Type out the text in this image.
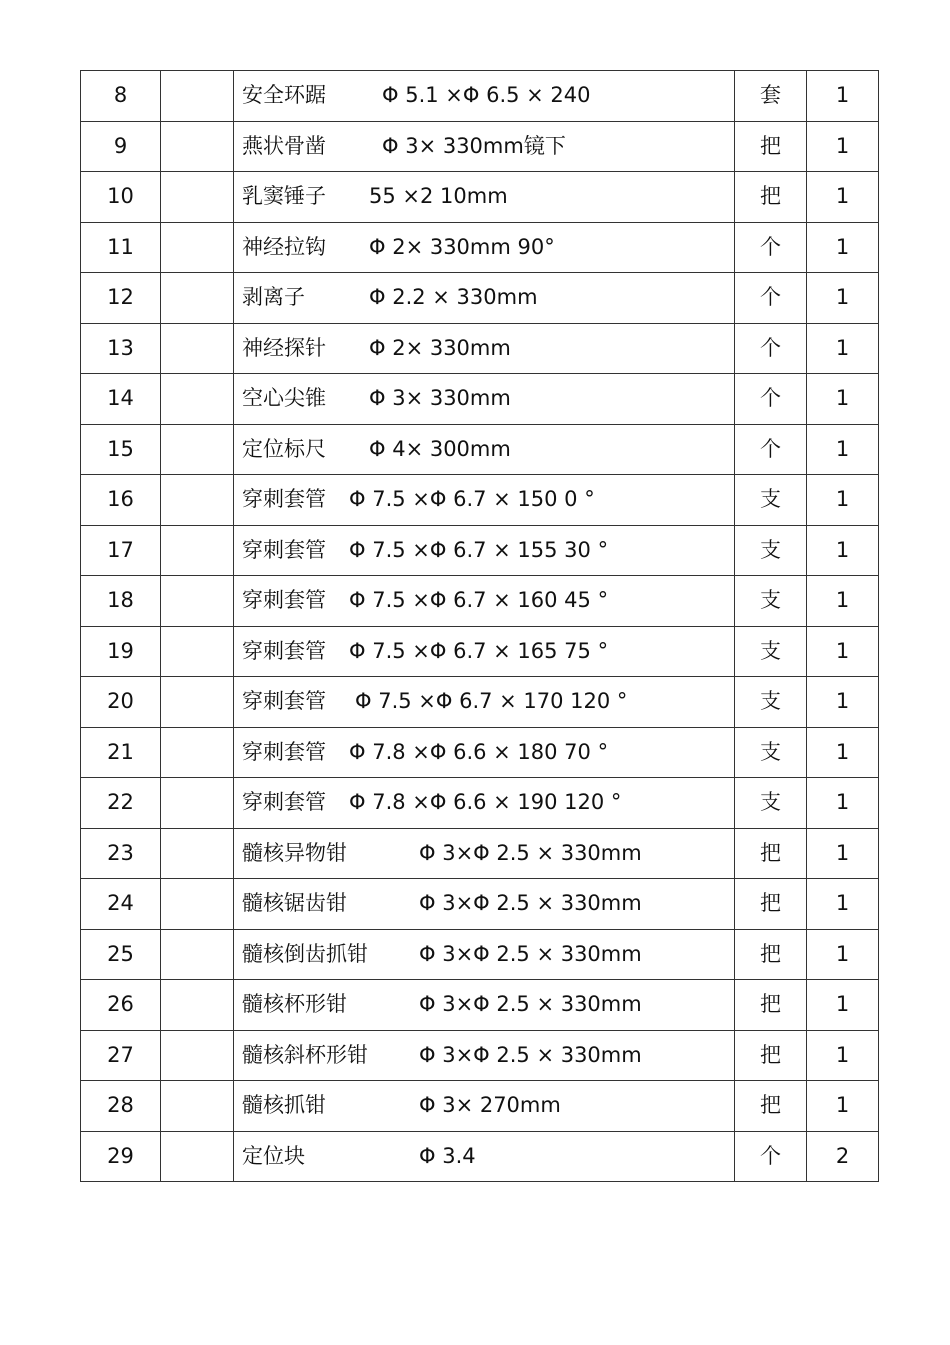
8		安全环踞 Φ 5.1 ×Φ 6.5 × 240	套	1
9		燕状骨凿 Φ 3× 330mm镜下	把	1
10		乳窦锤子 55 ×2 10mm	把	1
11		神经拉钩 Φ 2× 330mm 90°	个	1
12		剥离子 Φ 2.2 × 330mm	个	1
13		神经探针 Φ 2× 330mm	个	1
14		空心尖锥 Φ 3× 330mm	个	1
15		定位标尺 Φ 4× 300mm	个	1
16		穿刺套管 Φ 7.5 ×Φ 6.7 × 150 0 °	支	1
17		穿刺套管 Φ 7.5 ×Φ 6.7 × 155 30 °	支	1
18		穿刺套管 Φ 7.5 ×Φ 6.7 × 160 45 °	支	1
19		穿刺套管 Φ 7.5 ×Φ 6.7 × 165 75 °	支	1
20		穿刺套管 Φ 7.5 ×Φ 6.7 × 170 120 °	支	1
21		穿刺套管 Φ 7.8 ×Φ 6.6 × 180 70 °	支	1
22		穿刺套管 Φ 7.8 ×Φ 6.6 × 190 120 °	支	1
23		髓核异物钳 Φ 3×Φ 2.5 × 330mm	把	1
24		髓核锯齿钳 Φ 3×Φ 2.5 × 330mm	把	1
25		髓核倒齿抓钳 Φ 3×Φ 2.5 × 330mm	把	1
26		髓核杯形钳 Φ 3×Φ 2.5 × 330mm	把	1
27		髓核斜杯形钳 Φ 3×Φ 2.5 × 330mm	把	1
28		髓核抓钳 Φ 3× 270mm	把	1
29		定位块 Φ 3.4	个	2
